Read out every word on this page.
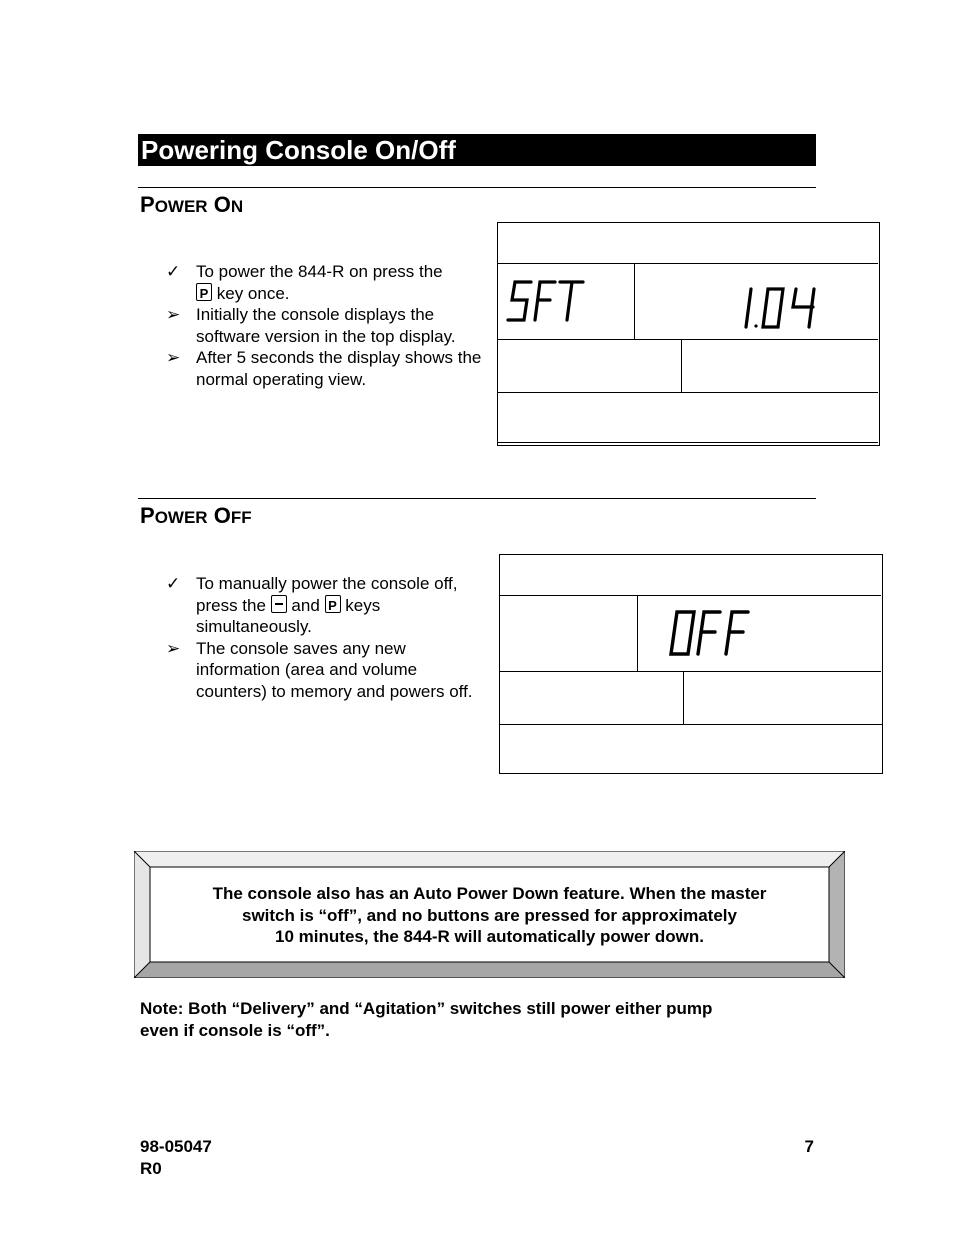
Powering Console On/Off
POWER ON
✓ To power the 844-R on press the

P key once.
➢ Initially the console displays the software version in the top display.
➢ After 5 seconds the display shows the normal operating view.
POWER OFF
✓ To manually power the console off, press the and P keys simultaneously.
➢ The console saves any new information (area and volume counters) to memory and powers off.
The console also has an Auto Power Down feature. When the master
switch is “off”, and no buttons are pressed for approximately
10 minutes, the 844-R will automatically power down.
Note: Both “Delivery” and “Agitation” switches still power either pump
even if console is “off”.
98-05047
R0
7
